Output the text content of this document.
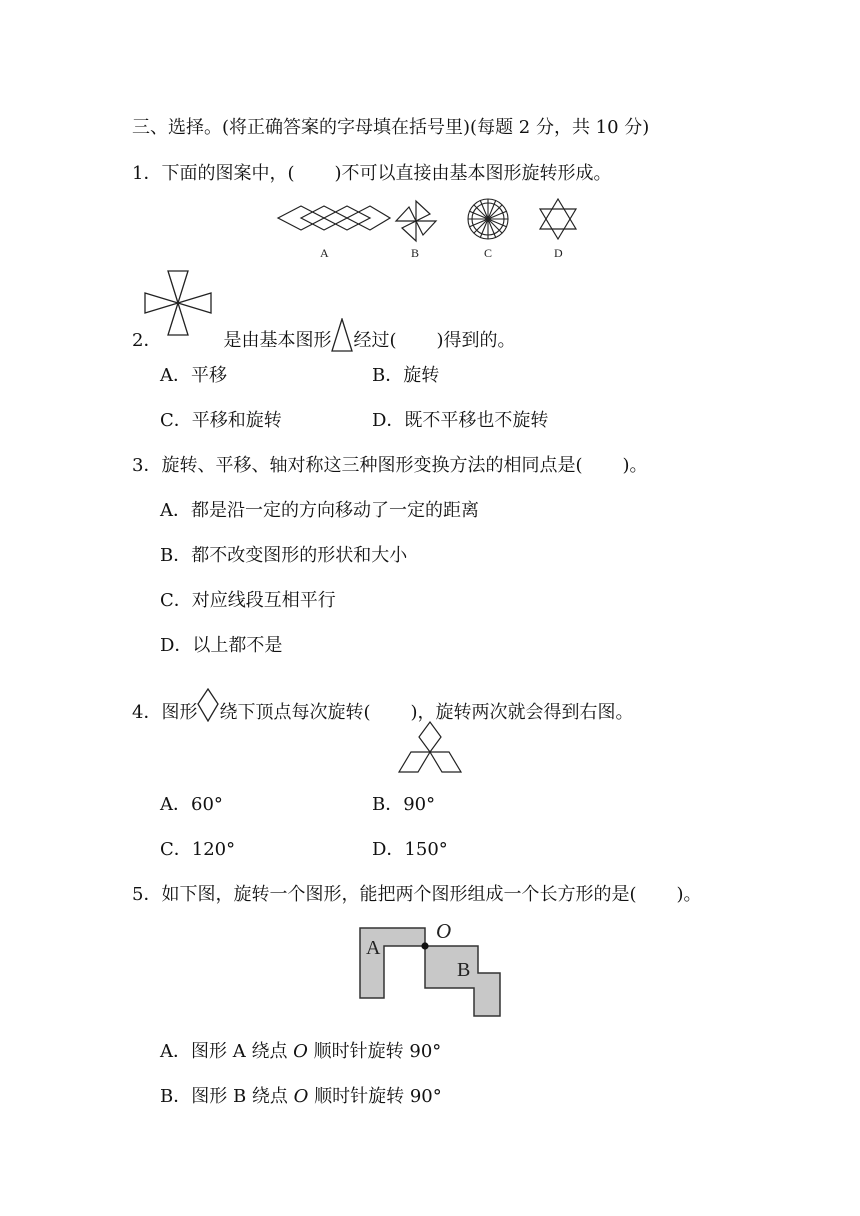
三、选择。(将正确答案的字母填在括号里)(每题 2 分，共 10 分)
1．下面的图案中，( )不可以直接由基本图形旋转形成。
A	B	C	D
2．	是由基本图形 经过( )得到的。
A．平移	B．旋转
C．平移和旋转	D．既不平移也不旋转
3．旋转、平移、轴对称这三种图形变换方法的相同点是( )。
A．都是沿一定的方向移动了一定的距离
B．都不改变图形的形状和大小
C．对应线段互相平行
D．以上都不是
4．图形 绕下顶点每次旋转( )，旋转两次就会得到右图。
A．60°	B．90°
C．120°	D．150°
5．如下图，旋转一个图形，能把两个图形组成一个长方形的是( )。
A
B
O
A．图形 A 绕点 O 顺时针旋转 90°
B．图形 B 绕点 O 顺时针旋转 90°
